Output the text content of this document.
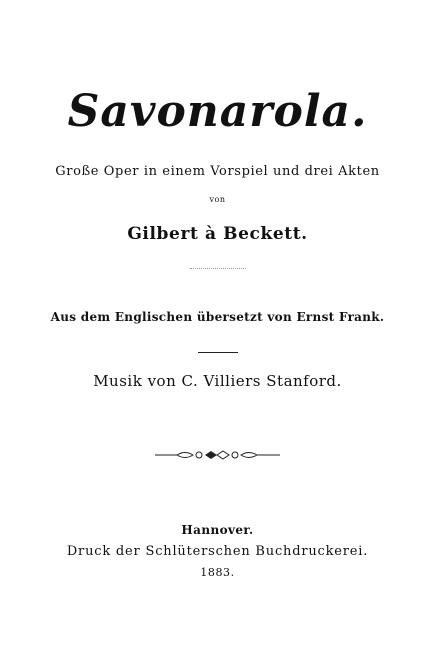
Savonarola.
Große Oper in einem Vorspiel und drei Akten
von
Gilbert à Beckett.
Aus dem Englischen übersetzt von Ernst Frank.
Musik von C. Villiers Stanford.
Hannover.
Druck der Schlüterschen Buchdruckerei.
1883.
